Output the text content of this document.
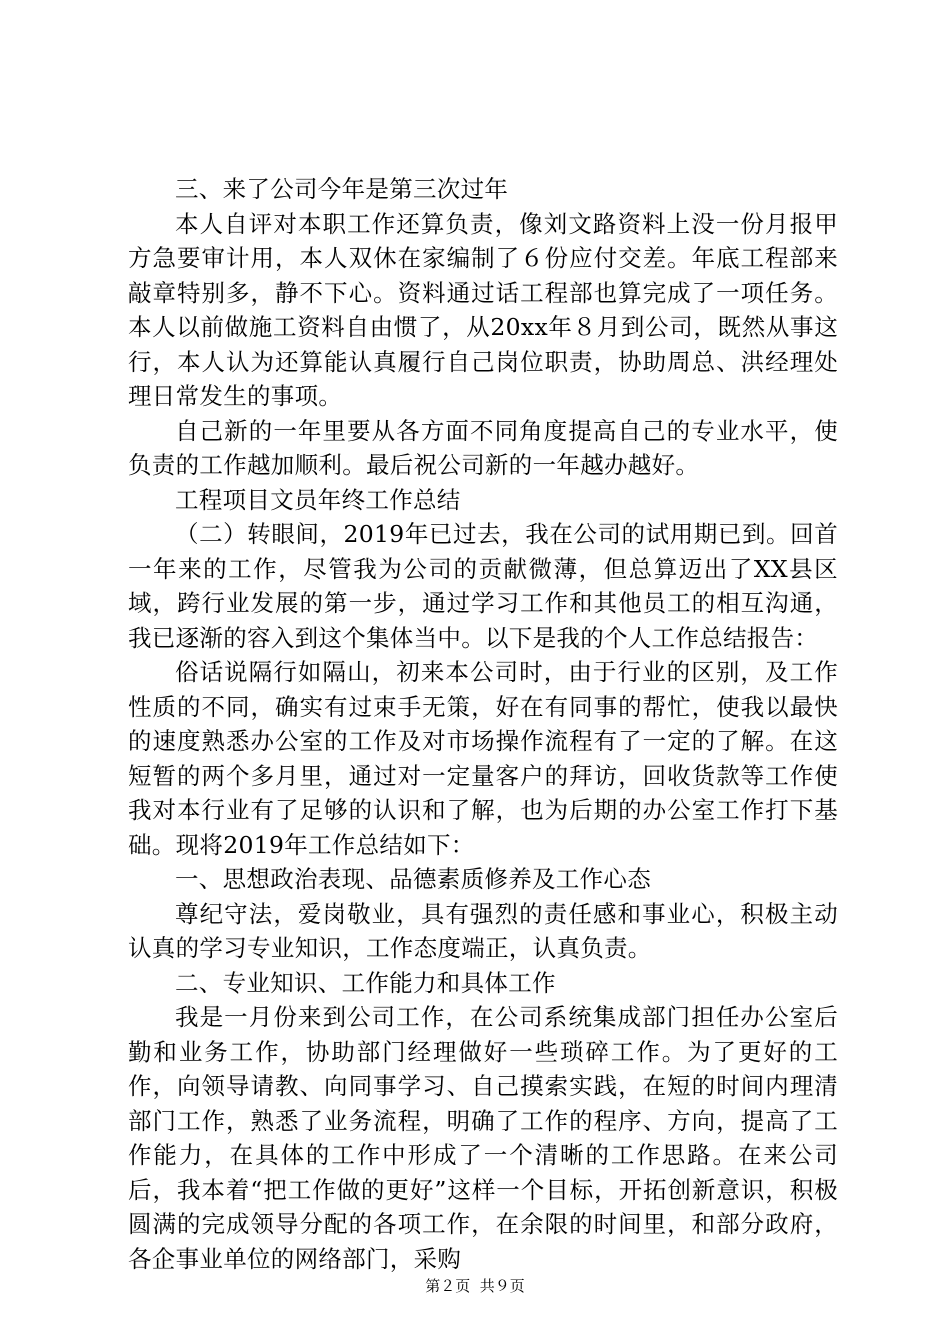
三、来了公司今年是第三次过年

本人自评对本职工作还算负责，像刘文路资料上没一份月报甲方急要审计用，本人双休在家编制了６份应付交差。年底工程部来敲章特别多，静不下心。资料通过话工程部也算完成了一项任务。本人以前做施工资料自由惯了，从20xx年８月到公司，既然从事这行，本人认为还算能认真履行自己岗位职责，协助周总、洪经理处理日常发生的事项。

自己新的一年里要从各方面不同角度提高自己的专业水平，使负责的工作越加顺利。最后祝公司新的一年越办越好。

工程项目文员年终工作总结

（二）转眼间，2019年已过去，我在公司的试用期已到。回首一年来的工作，尽管我为公司的贡献微薄，但总算迈出了XX县区域，跨行业发展的第一步，通过学习工作和其他员工的相互沟通，我已逐渐的容入到这个集体当中。以下是我的个人工作总结报告：

俗话说隔行如隔山，初来本公司时，由于行业的区别，及工作性质的不同，确实有过束手无策，好在有同事的帮忙，使我以最快的速度熟悉办公室的工作及对市场操作流程有了一定的了解。在这短暂的两个多月里，通过对一定量客户的拜访，回收货款等工作使我对本行业有了足够的认识和了解，也为后期的办公室工作打下基础。现将2019年工作总结如下：

一、思想政治表现、品德素质修养及工作心态

尊纪守法，爱岗敬业，具有强烈的责任感和事业心，积极主动认真的学习专业知识，工作态度端正，认真负责。

二、专业知识、工作能力和具体工作

我是一月份来到公司工作，在公司系统集成部门担任办公室后勤和业务工作，协助部门经理做好一些琐碎工作。为了更好的工作，向领导请教、向同事学习、自己摸索实践，在短的时间内理清部门工作，熟悉了业务流程，明确了工作的程序、方向，提高了工作能力，在具体的工作中形成了一个清晰的工作思路。在来公司后，我本着“把工作做的更好”这样一个目标，开拓创新意识，积极圆满的完成领导分配的各项工作，在余限的时间里，和部分政府，各企事业单位的网络部门，采购

第２页  共９页
